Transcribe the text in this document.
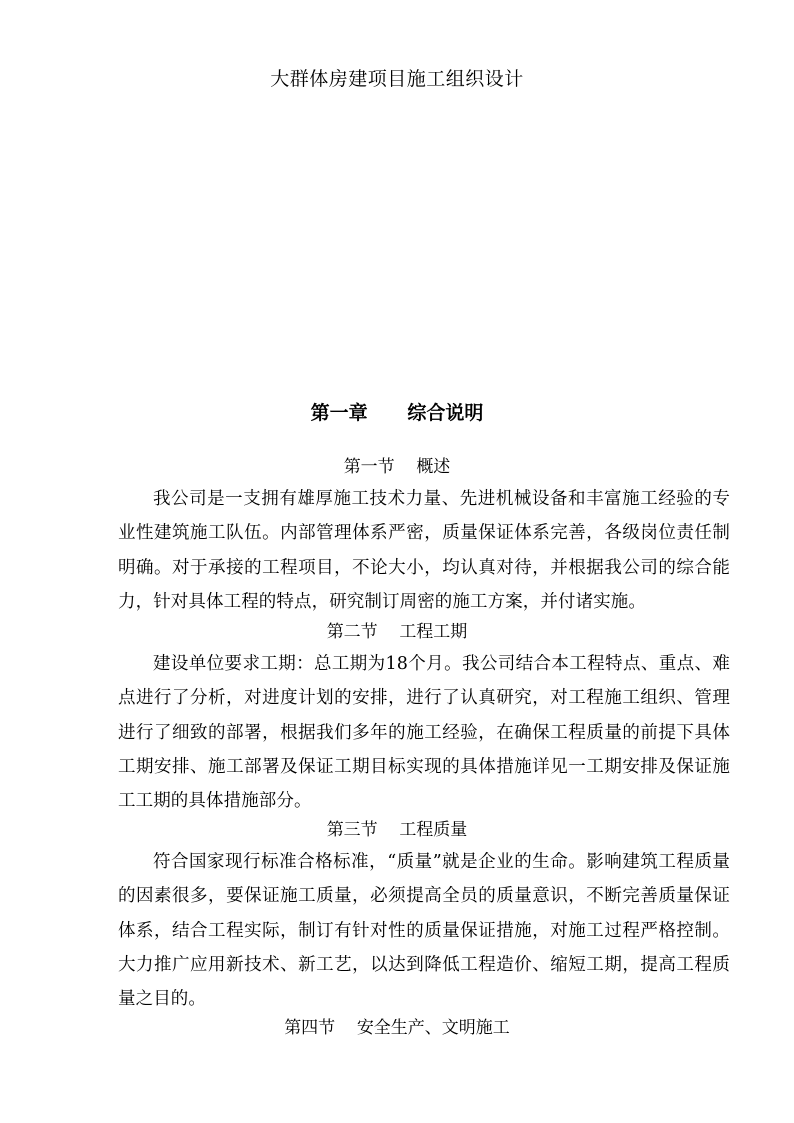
大群体房建项目施工组织设计
第一章 综合说明
第一节 概述
我公司是一支拥有雄厚施工技术力量、先进机械设备和丰富施工经验的专业性建筑施工队伍。内部管理体系严密，质量保证体系完善，各级岗位责任制明确。对于承接的工程项目，不论大小，均认真对待，并根据我公司的综合能力，针对具体工程的特点，研究制订周密的施工方案，并付诸实施。
第二节 工程工期
建设单位要求工期：总工期为18个月。我公司结合本工程特点、重点、难点进行了分析，对进度计划的安排，进行了认真研究，对工程施工组织、管理进行了细致的部署，根据我们多年的施工经验，在确保工程质量的前提下具体工期安排、施工部署及保证工期目标实现的具体措施详见一工期安排及保证施工工期的具体措施部分。
第三节 工程质量
符合国家现行标准合格标准，“质量”就是企业的生命。影响建筑工程质量的因素很多，要保证施工质量，必须提高全员的质量意识，不断完善质量保证体系，结合工程实际，制订有针对性的质量保证措施，对施工过程严格控制。大力推广应用新技术、新工艺，以达到降低工程造价、缩短工期，提高工程质量之目的。
第四节 安全生产、文明施工
